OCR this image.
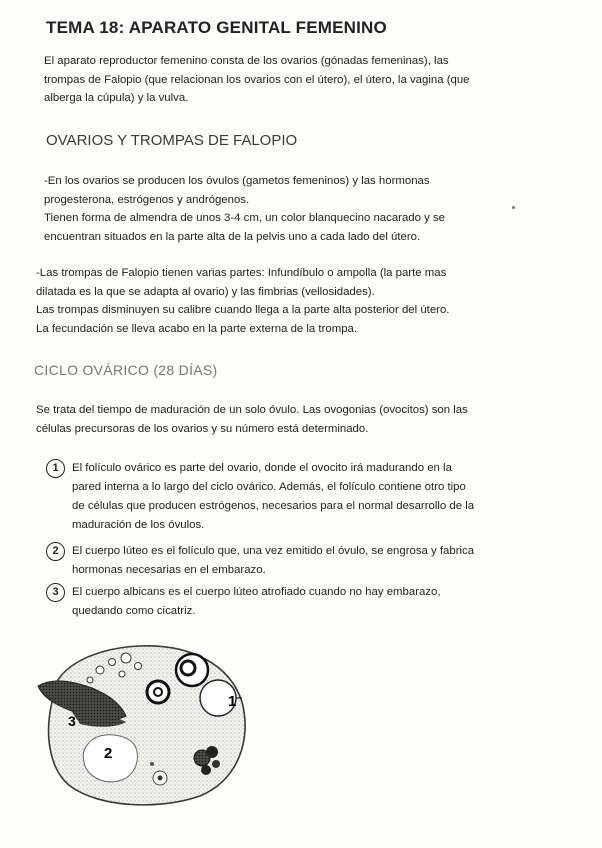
TEMA 18: APARATO GENITAL FEMENINO
El aparato reproductor femenino consta de los ovarios (gónadas femeninas), las
trompas de Falopio (que relacionan los ovarios con el útero), el útero, la vagina (que
alberga la cúpula) y la vulva.
OVARIOS Y TROMPAS DE FALOPIO
-En los ovarios se producen los óvulos (gametos femeninos) y las hormonas
progesterona, estrógenos y andrógenos.
Tienen forma de almendra de unos 3-4 cm, un color blanquecino nacarado y se
encuentran situados en la parte alta de la pelvis uno a cada lado del útero.
-Las trompas de Falopio tienen varias partes: Infundíbulo o ampolla (la parte mas
dilatada es la que se adapta al ovario) y las fimbrias (vellosidades).
Las trompas disminuyen su calibre cuando llega a la parte alta posterior del útero.
La fecundación se lleva acabo en la parte externa de la trompa.
CICLO OVÁRICO (28 DÍAS)
Se trata del tiempo de maduración de un solo óvulo. Las ovogonias (ovocitos) son las
células precursoras de los ovarios y su número está determinado.
1	El folículo ovárico es parte del ovario, donde el ovocito irá madurando en la
pared interna a lo largo del ciclo ovárico. Además, el folículo contiene otro tipo
de células que producen estrógenos, necesarios para el normal desarrollo de la
maduración de los óvulos.
2	El cuerpo lúteo es el folículo que, una vez emitido el óvulo, se engrosa y fabrica
hormonas necesarias en el embarazo.
3	El cuerpo albicans es el cuerpo lúteo atrofiado cuando no hay embarazo,
quedando como cicatriz.
1
2
3
